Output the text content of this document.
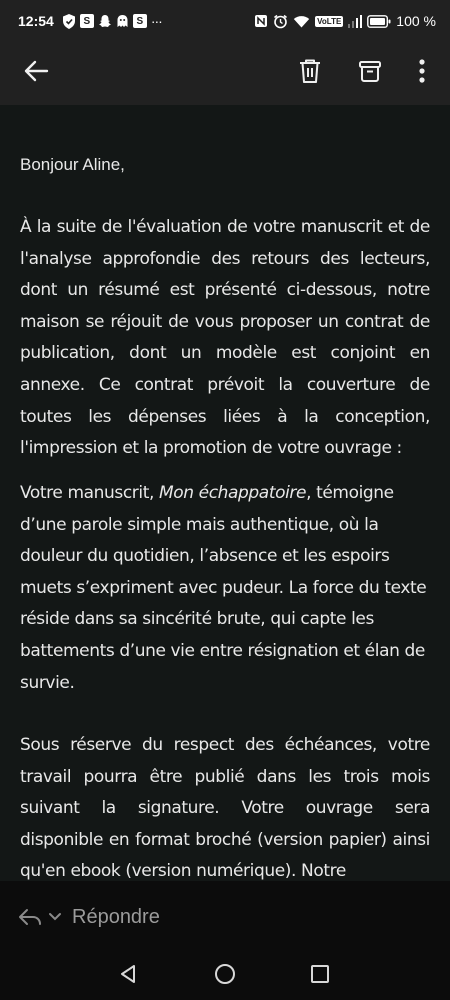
12:54	S	S ···	VoLTE	100 %

Bonjour Aline,

À la suite de l'évaluation de votre manuscrit et de l'analyse approfondie des retours des lecteurs, dont un résumé est présenté ci-dessous, notre maison se réjouit de vous proposer un contrat de publication, dont un modèle est conjoint en annexe. Ce contrat prévoit la couverture de toutes les dépenses liées à la conception, l'impression et la promotion de votre ouvrage :

Votre manuscrit, Mon échappatoire, témoigne d’une parole simple mais authentique, où la douleur du quotidien, l’absence et les espoirs muets s’expriment avec pudeur. La force du texte réside dans sa sincérité brute, qui capte les battements d’une vie entre résignation et élan de survie.

Sous réserve du respect des échéances, votre travail pourra être publié dans les trois mois suivant la signature. Votre ouvrage sera disponible en format broché (version papier) ainsi qu'en ebook (version numérique). Notre

Répondre
